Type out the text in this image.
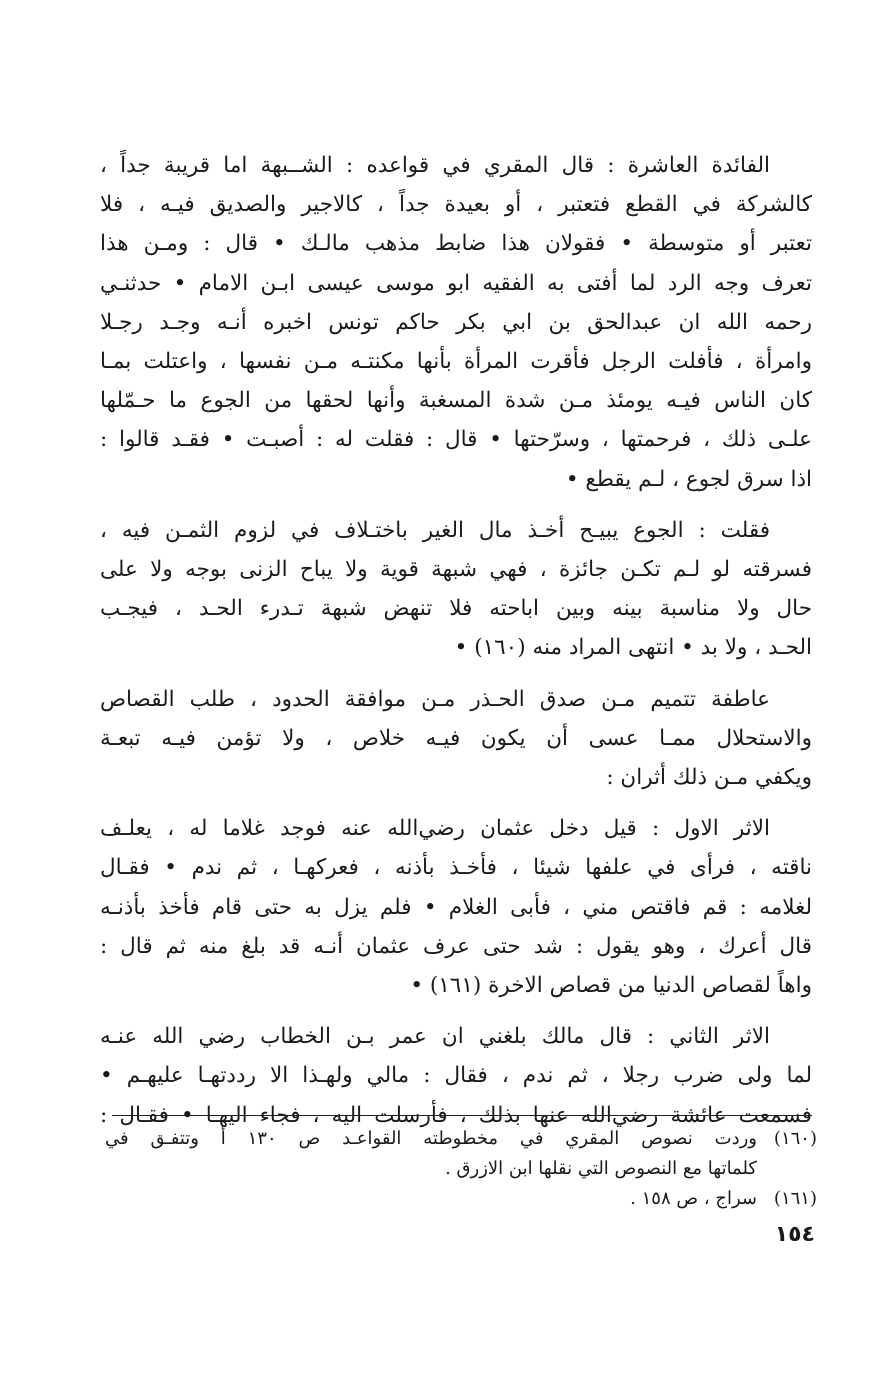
الفائدة العاشرة : قال المقري في قواعده : الشــبهة اما قريبة جداً ،
كالشركة في القطع فتعتبر ، أو بعيدة جداً ، كالاجير والصديق فيـه ، فلا
تعتبر أو متوسطة • فقولان هذا ضابط مذهب مالـك • قال : ومـن هذا
تعرف وجه الرد لما أفتى به الفقيه ابو موسى عيسى ابـن الامام • حدثنـي
رحمه الله ان عبدالحق بن ابي بكر حاكم تونس اخبره أنـه وجـد رجـلا
وامرأة ، فأفلت الرجل فأقرت المرأة بأنها مكنتـه مـن نفسها ، واعتلت بمـا
كان الناس فيـه يومئذ مـن شدة المسغبة وأنها لحقها من الجوع ما حـمّلها
علـى ذلك ، فرحمتها ، وسرّحتها • قال : فقلت له : أصبـت • فقـد قالوا :
اذا سرق لجوع ، لـم يقطع •
فقلت : الجوع يبيـح أخـذ مال الغير باختـلاف في لزوم الثمـن فيه ،
فسرقته لو لـم تكـن جائزة ، فهي شبهة قوية ولا يباح الزنى بوجه ولا على
حال ولا مناسبة بينه وبين اباحته فلا تنهض شبهة تـدرء الحـد ، فيجـب
الحـد ، ولا بد • انتهى المراد منه (١٦٠) •
عاطفة تتميم مـن صدق الحـذر مـن موافقة الحدود ، طلب القصاص
والاستحلال ممـا عسى أن يكون فيـه خلاص ، ولا تؤمن فيـه تبعـة
ويكفي مـن ذلك أثران :
الاثر الاول : قيل دخل عثمان رضي‌الله عنه فوجد غلاما له ، يعلـف
ناقته ، فرأى في علفها شيئا ، فأخـذ بأذنه ، فعركهـا ، ثم ندم • فقـال
لغلامه : قم فاقتص مني ، فأبى الغلام • فلم يزل به حتى قام فأخذ بأذنـه
قال أعرك ، وهو يقول : شد حتى عرف عثمان أنـه قد بلغ منه ثم قال :
واهاً لقصاص الدنيا من قصاص الاخرة (١٦١) •
الاثر الثاني : قال مالك بلغني ان عمر بـن الخطاب رضي الله عنـه
لما ولى ضرب رجلا ، ثم ندم ، فقال : مالي ولهـذا الا رددتهـا عليهـم •
فسمعت عائشة رضي‌الله عنها بذلك ، فأرسلت اليه ، فجاء اليهـا • فقـال :
(١٦٠)
وردت نصوص المقري في مخطوطته القواعـد ص ١٣٠ أ وتتفـق في
كلماتها مع النصوص التي نقلها ابن الازرق .
(١٦١)
سراج ، ص ١٥٨ .
١٥٤
